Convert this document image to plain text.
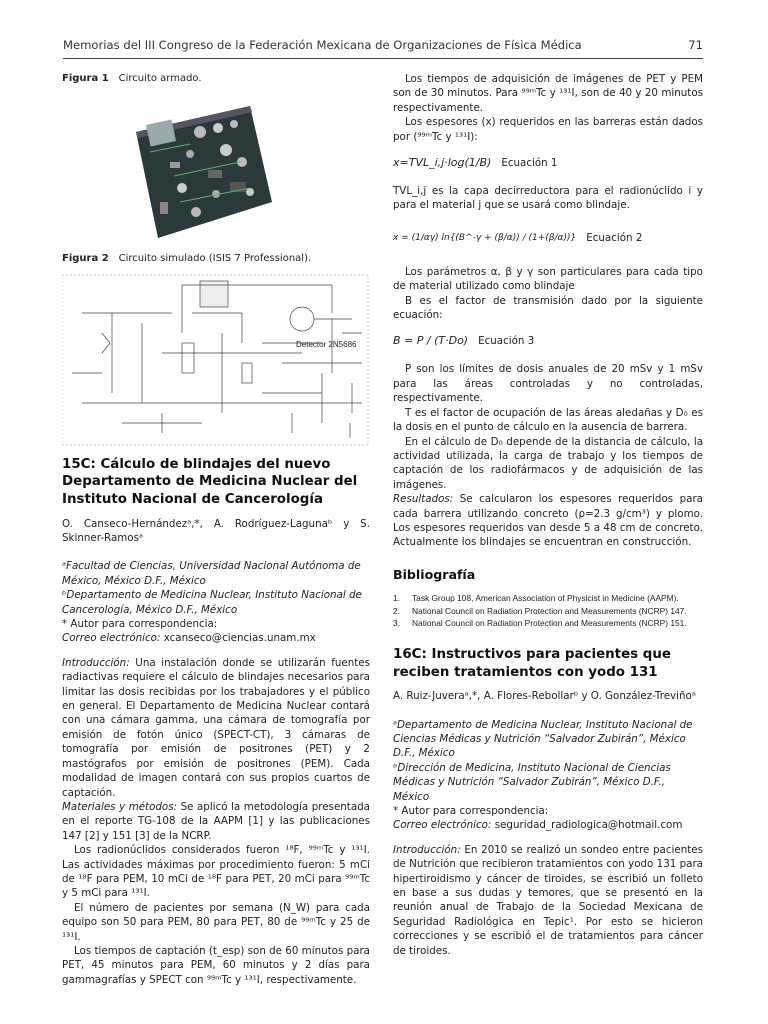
Memorias del III Congreso de la Federación Mexicana de Organizaciones de Física Médica	71
Figura 1 Circuito armado.
Figura 2 Circuito simulado (ISIS 7 Professional).
Detector 2N5686
15C: Cálculo de blindajes del nuevo Departamento de Medicina Nuclear del Instituto Nacional de Cancerología

O. Canseco-Hernándezᵃ,*, A. Rodríguez-Lagunaᵇ y S. Skinner-Ramosᵃ

ᵃFacultad de Ciencias, Universidad Nacional Autónoma de México, México D.F., México

ᵇDepartamento de Medicina Nuclear, Instituto Nacional de Cancerología, México D.F., México

* Autor para correspondencia:

Correo electrónico: xcanseco@ciencias.unam.mx

Introducción: Una instalación donde se utilizarán fuentes radiactivas requiere el cálculo de blindajes necesarios para limitar las dosis recibidas por los trabajadores y el público en general. El Departamento de Medicina Nuclear contará con una cámara gamma, una cámara de tomografía por emisión de fotón único (SPECT-CT), 3 cámaras de tomografía por emisión de positrones (PET) y 2 mastógrafos por emisión de positrones (PEM). Cada modalidad de imagen contará con sus propios cuartos de captación.

Materiales y métodos: Se aplicó la metodología presentada en el reporte TG-108 de la AAPM [1] y las publicaciones 147 [2] y 151 [3] de la NCRP.

Los radionúclidos considerados fueron ¹⁸F, ⁹⁹ᵐTc y ¹³¹I. Las actividades máximas por procedimiento fueron: 5 mCi de ¹⁸F para PEM, 10 mCi de ¹⁸F para PET, 20 mCi para ⁹⁹ᵐTc y 5 mCi para ¹³¹I.

El número de pacientes por semana (N_W) para cada equipo son 50 para PEM, 80 para PET, 80 de ⁹⁹ᵐTc y 25 de ¹³¹I.

Los tiempos de captación (t_esp) son de 60 minutos para PET, 45 minutos para PEM, 60 minutos y 2 días para gammagrafías y SPECT con ⁹⁹ᵐTc y ¹³¹I, respectivamente.

Los tiempos de adquisición de imágenes de PET y PEM son de 30 minutos. Para ⁹⁹ᵐTc y ¹³¹I, son de 40 y 20 minutos respectivamente.

Los espesores (x) requeridos en las barreras están dados por (⁹⁹ᵐTc y ¹³¹I):

x=TVL_i,j·log(1/B) Ecuación 1

TVL_i,j es la capa decirreductora para el radionúclido i y para el material j que se usará como blindaje.

x = (1/αγ) ln{(B^-γ + (β/α)) / (1+(β/α))} Ecuación 2

Los parámetros α, β y γ son particulares para cada tipo de material utilizado como blindaje

B es el factor de transmisión dado por la siguiente ecuación:

B = P / (T·Do) Ecuación 3

P son los límites de dosis anuales de 20 mSv y 1 mSv para las áreas controladas y no controladas, respectivamente.

T es el factor de ocupación de las áreas aledañas y D₀ es la dosis en el punto de cálculo en la ausencia de barrera.

En el cálculo de D₀ depende de la distancia de cálculo, la actividad utilizada, la carga de trabajo y los tiempos de captación de los radiofármacos y de adquisición de las imágenes.

Resultados: Se calcularon los espesores requeridos para cada barrera utilizando concreto (ρ=2.3 g/cm³) y plomo. Los espesores requeridos van desde 5 a 48 cm de concreto. Actualmente los blindajes se encuentran en construcción.

Bibliografía
1. Task Group 108, American Association of Physicist in Medicine (AAPM).
2. National Council on Radiation Protection and Measurements (NCRP) 147.
3. National Council on Radiation Protection and Measurements (NCRP) 151.
16C: Instructivos para pacientes que reciben tratamientos con yodo 131

A. Ruiz-Juveraᵃ,*, A. Flores-Rebollarᵇ y O. González-Treviñoᵃ

ᵃDepartamento de Medicina Nuclear, Instituto Nacional de Ciencias Médicas y Nutrición “Salvador Zubirán”, México D.F., México

ᵇDirección de Medicina, Instituto Nacional de Ciencias Médicas y Nutrición “Salvador Zubirán”, México D.F., México

* Autor para correspondencia:

Correo electrónico: seguridad_radiologica@hotmail.com

Introducción: En 2010 se realizó un sondeo entre pacientes de Nutrición que recibieron tratamientos con yodo 131 para hipertiroidismo y cáncer de tiroides, se escribió un folleto en base a sus dudas y temores, que se presentó en la reunión anual de Trabajo de la Sociedad Mexicana de Seguridad Radiológica en Tepic¹. Por esto se hicieron correcciones y se escribió el de tratamientos para cáncer de tiroides.
